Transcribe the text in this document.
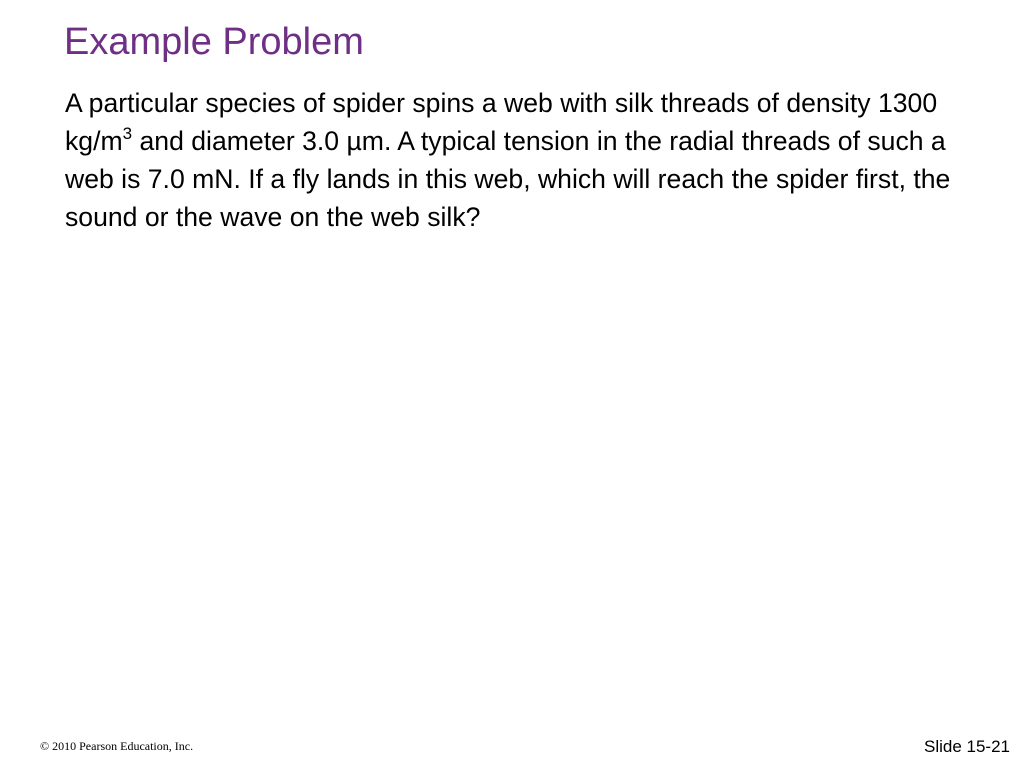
Example Problem

A particular species of spider spins a web with silk threads of density 1300 $kg/m^3$ and diameter 3.0 µm. A typical tension in the radial threads of such a web is 7.0 mN. If a fly lands in this web, which will reach the spider first, the sound or the wave on the web silk?

© 2010 Pearson Education, Inc.	Slide 15-21
